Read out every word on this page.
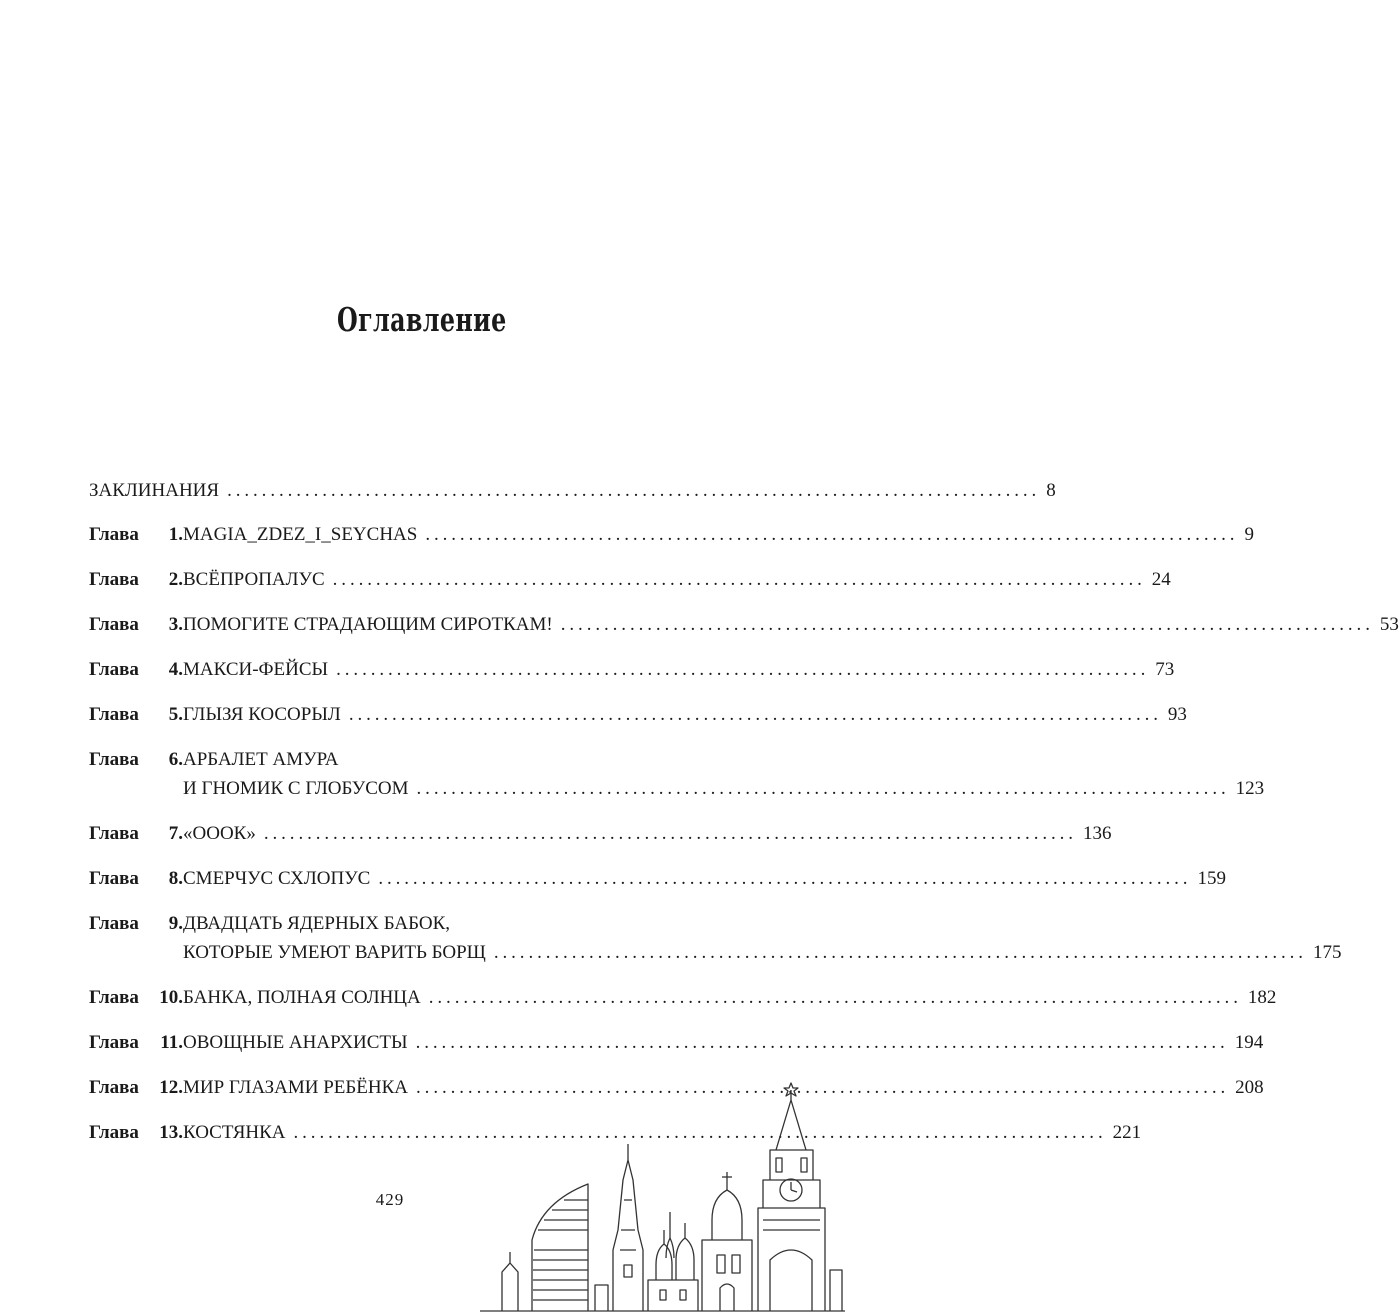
Оглавление
ЗАКЛИНАНИЯ .............................................................................................. 8
Глава	1. MAGIA_ZDEZ_I_SEYCHAS .............................................................................................. 9
Глава	2. ВСЁПРОПАЛУС .............................................................................................. 24
Глава	3. ПОМОГИТЕ СТРАДАЮЩИМ СИРОТКАМ! .............................................................................................. 53
Глава	4. МАКСИ-ФЕЙСЫ .............................................................................................. 73
Глава	5. ГЛЫЗЯ КОСОРЫЛ .............................................................................................. 93
Глава	6. АРБАЛЕТ АМУРА
И ГНОМИК С ГЛОБУСОМ .............................................................................................. 123
Глава	7. «ОООК» .............................................................................................. 136
Глава	8. СМЕРЧУС СХЛОПУС .............................................................................................. 159
Глава	9. ДВАДЦАТЬ ЯДЕРНЫХ БАБОК,
КОТОРЫЕ УМЕЮТ ВАРИТЬ БОРЩ .............................................................................................. 175
Глава	10. БАНКА, ПОЛНАЯ СОЛНЦА .............................................................................................. 182
Глава	11. ОВОЩНЫЕ АНАРХИСТЫ .............................................................................................. 194
Глава	12. МИР ГЛАЗАМИ РЕБЁНКА .............................................................................................. 208
Глава	13. КОСТЯНКА .............................................................................................. 221
429
